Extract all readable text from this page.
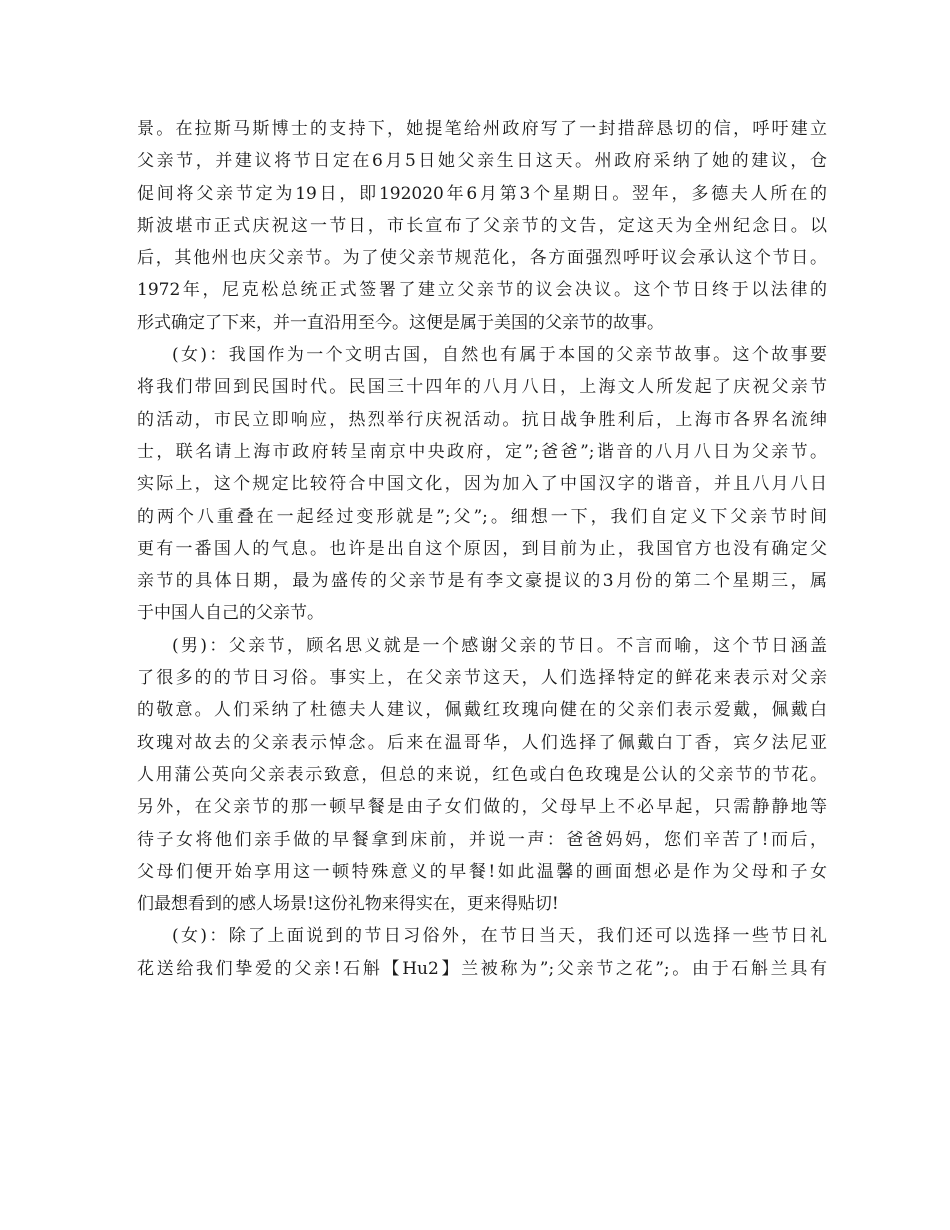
景。在拉斯马斯博士的支持下，她提笔给州政府写了一封措辞恳切的信，呼吁建立
父亲节，并建议将节日定在6月5日她父亲生日这天。州政府采纳了她的建议，仓
促间将父亲节定为19日，即192020年6月第3个星期日。翌年，多德夫人所在的
斯波堪市正式庆祝这一节日，市长宣布了父亲节的文告，定这天为全州纪念日。以
后，其他州也庆父亲节。为了使父亲节规范化，各方面强烈呼吁议会承认这个节日。
1972年，尼克松总统正式签署了建立父亲节的议会决议。这个节日终于以法律的
形式确定了下来，并一直沿用至今。这便是属于美国的父亲节的故事。
(女)：我国作为一个文明古国，自然也有属于本国的父亲节故事。这个故事要
将我们带回到民国时代。民国三十四年的八月八日，上海文人所发起了庆祝父亲节
的活动，市民立即响应，热烈举行庆祝活动。抗日战争胜利后，上海市各界名流绅
士，联名请上海市政府转呈南京中央政府，定”;爸爸”;谐音的八月八日为父亲节。
实际上，这个规定比较符合中国文化，因为加入了中国汉字的谐音，并且八月八日
的两个八重叠在一起经过变形就是”;父”;。细想一下，我们自定义下父亲节时间
更有一番国人的气息。也许是出自这个原因，到目前为止，我国官方也没有确定父
亲节的具体日期，最为盛传的父亲节是有李文豪提议的3月份的第二个星期三，属
于中国人自己的父亲节。
(男)：父亲节，顾名思义就是一个感谢父亲的节日。不言而喻，这个节日涵盖
了很多的的节日习俗。事实上，在父亲节这天，人们选择特定的鲜花来表示对父亲
的敬意。人们采纳了杜德夫人建议，佩戴红玫瑰向健在的父亲们表示爱戴，佩戴白
玫瑰对故去的父亲表示悼念。后来在温哥华，人们选择了佩戴白丁香，宾夕法尼亚
人用蒲公英向父亲表示致意，但总的来说，红色或白色玫瑰是公认的父亲节的节花。
另外，在父亲节的那一顿早餐是由子女们做的，父母早上不必早起，只需静静地等
待子女将他们亲手做的早餐拿到床前，并说一声：爸爸妈妈，您们辛苦了!而后，
父母们便开始享用这一顿特殊意义的早餐!如此温馨的画面想必是作为父母和子女
们最想看到的感人场景!这份礼物来得实在，更来得贴切!
(女)：除了上面说到的节日习俗外，在节日当天，我们还可以选择一些节日礼
花送给我们挚爱的父亲!石斛【Hu2】兰被称为”;父亲节之花”;。由于石斛兰具有
